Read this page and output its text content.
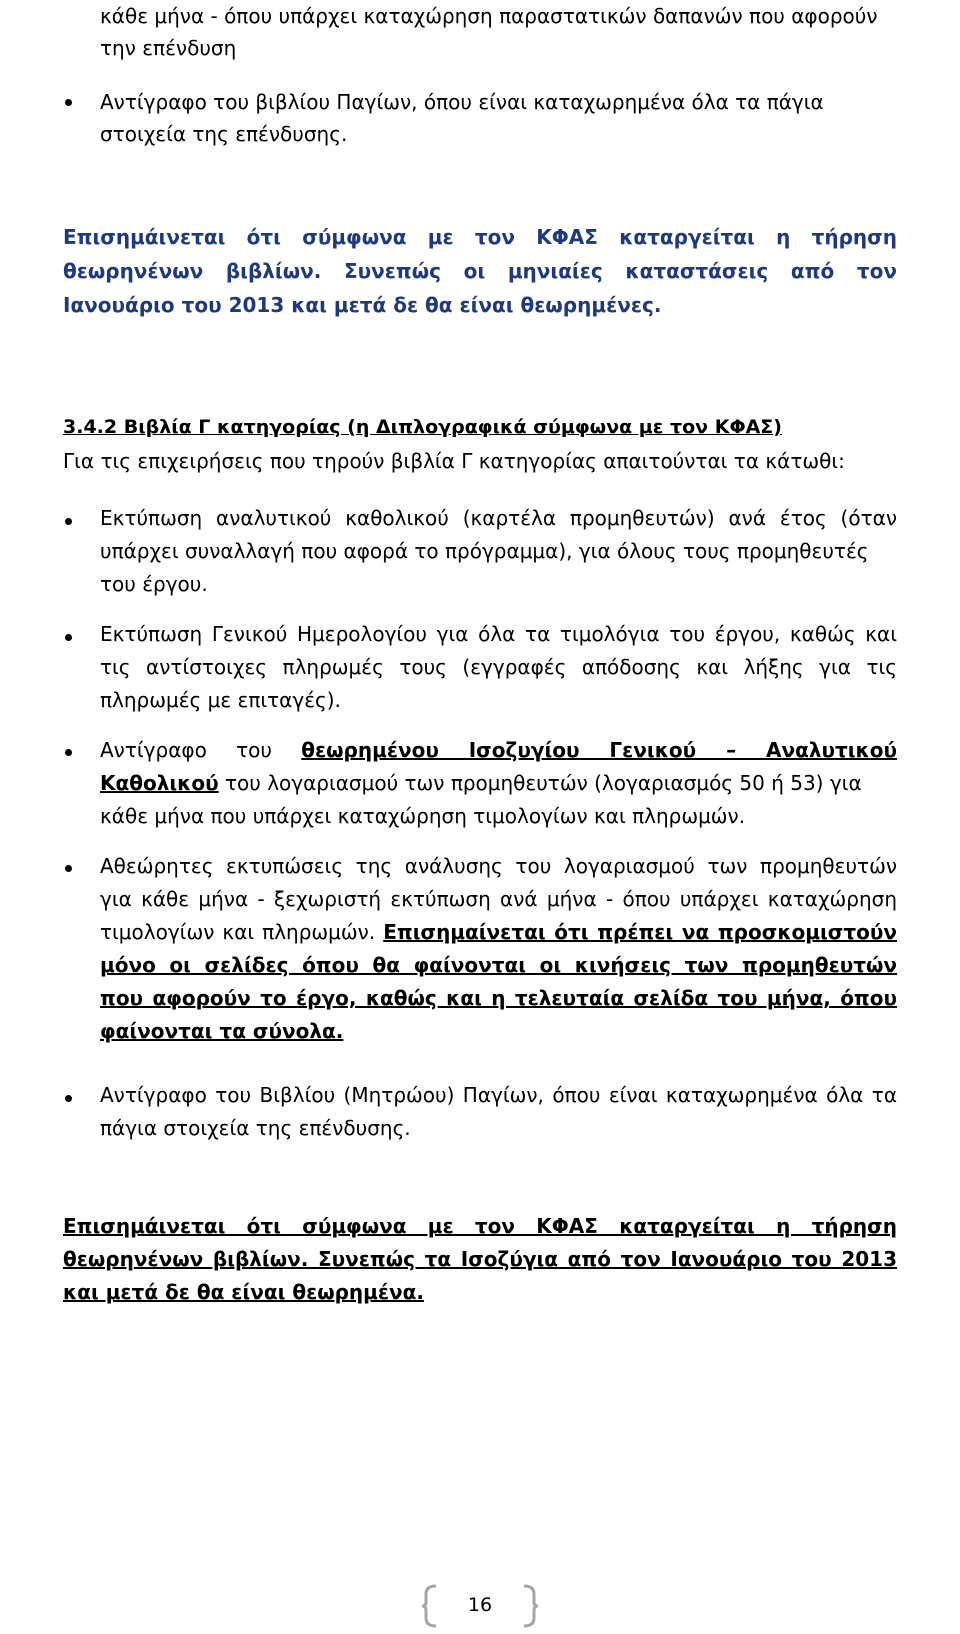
κάθε μήνα - όπου υπάρχει καταχώρηση παραστατικών δαπανών που αφορούν
την επένδυση
Αντίγραφο του βιβλίου Παγίων, όπου είναι καταχωρημένα όλα τα πάγια
στοιχεία της επένδυσης.
Επισημάινεται ότι σύμφωνα με τον ΚΦΑΣ καταργείται η τήρηση
θεωρηνένων βιβλίων. Συνεπώς οι μηνιαίες καταστάσεις από τον
Ιανουάριο του 2013 και μετά δε θα είναι θεωρημένες.
3.4.2 Βιβλία Γ κατηγορίας (η Διπλογραφικά σύμφωνα με τον ΚΦΑΣ)
Για τις επιχειρήσεις που τηρούν βιβλία Γ κατηγορίας απαιτούνται τα κάτωθι:
Εκτύπωση αναλυτικού καθολικού (καρτέλα προμηθευτών) ανά έτος (όταν
υπάρχει συναλλαγή που αφορά το πρόγραμμα), για όλους τους προμηθευτές
του έργου.
Εκτύπωση Γενικού Ημερολογίου για όλα τα τιμολόγια του έργου, καθώς και
τις αντίστοιχες πληρωμές τους (εγγραφές απόδοσης και λήξης για τις
πληρωμές με επιταγές).
Αντίγραφο του θεωρημένου Ισοζυγίου Γενικού – Αναλυτικού
Καθολικού του λογαριασμού των προμηθευτών (λογαριασμός 50 ή 53) για
κάθε μήνα που υπάρχει καταχώρηση τιμολογίων και πληρωμών.
Αθεώρητες εκτυπώσεις της ανάλυσης του λογαριασμού των προμηθευτών
για κάθε μήνα - ξεχωριστή εκτύπωση ανά μήνα - όπου υπάρχει καταχώρηση
τιμολογίων και πληρωμών. Επισημαίνεται ότι πρέπει να προσκομιστούν
μόνο οι σελίδες όπου θα φαίνονται οι κινήσεις των προμηθευτών
που αφορούν το έργο, καθώς και η τελευταία σελίδα του μήνα, όπου
φαίνονται τα σύνολα.
Αντίγραφο του Βιβλίου (Μητρώου) Παγίων, όπου είναι καταχωρημένα όλα τα
πάγια στοιχεία της επένδυσης.
Επισημάινεται ότι σύμφωνα με τον ΚΦΑΣ καταργείται η τήρηση
θεωρηνένων βιβλίων. Συνεπώς τα Ισοζύγια από τον Ιανουάριο του 2013
και μετά δε θα είναι θεωρημένα.
16
